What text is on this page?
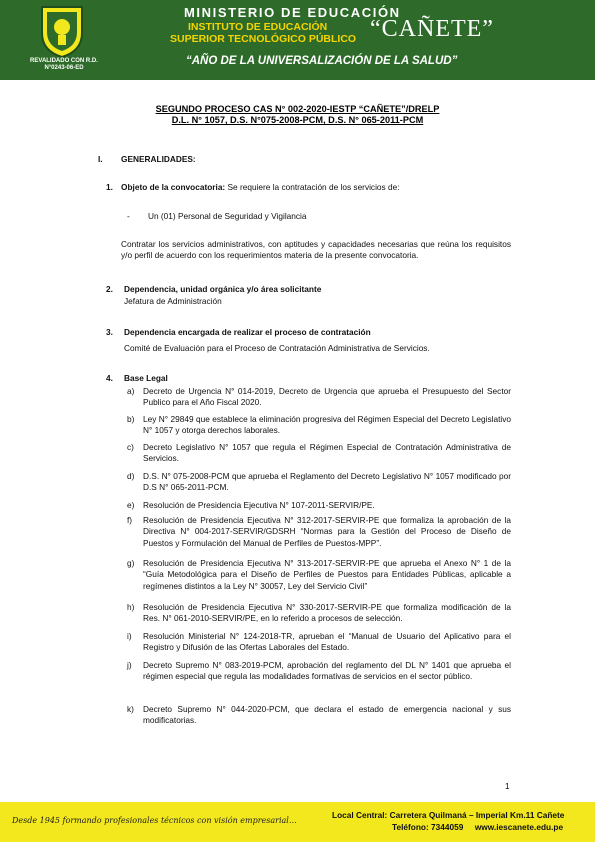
REVALIDADO CON R.D. N°0243-06-ED
MINISTERIO DE EDUCACIÓN
INSTITUTO DE EDUCACIÓN
SUPERIOR TECNOLÓGICO PÚBLICO “CAÑETE”
“AÑO DE LA UNIVERSALIZACIÓN DE LA SALUD”
SEGUNDO PROCESO CAS N° 002-2020-IESTP “CAÑETE”/DRELP
D.L. N° 1057, D.S. N°075-2008-PCM, D.S. N° 065-2011-PCM
I. GENERALIDADES:
1. Objeto de la convocatoria: Se requiere la contratación de los servicios de:
- Un (01) Personal de Seguridad y Vigilancia
Contratar los servicios administrativos, con aptitudes y capacidades necesarias que reúna los requisitos y/o perfil de acuerdo con los requerimientos materia de la presente convocatoria.
2. Dependencia, unidad orgánica y/o área solicitante
Jefatura de Administración
3. Dependencia encargada de realizar el proceso de contratación
Comité de Evaluación para el Proceso de Contratación Administrativa de Servicios.
4. Base Legal
a) Decreto de Urgencia N° 014-2019, Decreto de Urgencia que aprueba el Presupuesto del Sector Publico para el Año Fiscal 2020.
b) Ley N° 29849 que establece la eliminación progresiva del Régimen Especial del Decreto Legislativo N° 1057 y otorga derechos laborales.
c) Decreto Legislativo N° 1057 que regula el Régimen Especial de Contratación Administrativa de Servicios.
d) D.S. N° 075-2008-PCM que aprueba el Reglamento del Decreto Legislativo N° 1057 modificado por D.S N° 065-2011-PCM.
e) Resolución de Presidencia Ejecutiva N° 107-2011-SERVIR/PE.
f) Resolución de Presidencia Ejecutiva N° 312-2017-SERVIR-PE que formaliza la aprobación de la Directiva N° 004-2017-SERVIR/GDSRH “Normas para la Gestión del Proceso de Diseño de Puestos y Formulación del Manual de Perfiles de Puestos-MPP”.
g) Resolución de Presidencia Ejecutiva N° 313-2017-SERVIR-PE que aprueba el Anexo N° 1 de la “Guía Metodológica para el Diseño de Perfiles de Puestos para Entidades Públicas, aplicable a regímenes distintos a la Ley N° 30057, Ley del Servicio Civil”
h) Resolución de Presidencia Ejecutiva N° 330-2017-SERVIR-PE que formaliza modificación de la Res. N° 061-2010-SERVIR/PE, en lo referido a procesos de selección.
i) Resolución Ministerial N° 124-2018-TR, aprueban el “Manual de Usuario del Aplicativo para el Registro y Difusión de las Ofertas Laborales del Estado.
j) Decreto Supremo N° 083-2019-PCM, aprobación del reglamento del DL N° 1401 que aprueba el régimen especial que regula las modalidades formativas de servicios en el sector público.
k) Decreto Supremo N° 044-2020-PCM, que declara el estado de emergencia nacional y sus modificatorias.
1
Desde 1945 formando profesionales técnicos con visión empresarial…
Local Central: Carretera Quilmaná – Imperial Km.11 Cañete
Teléfono: 7344059     www.iescanete.edu.pe
